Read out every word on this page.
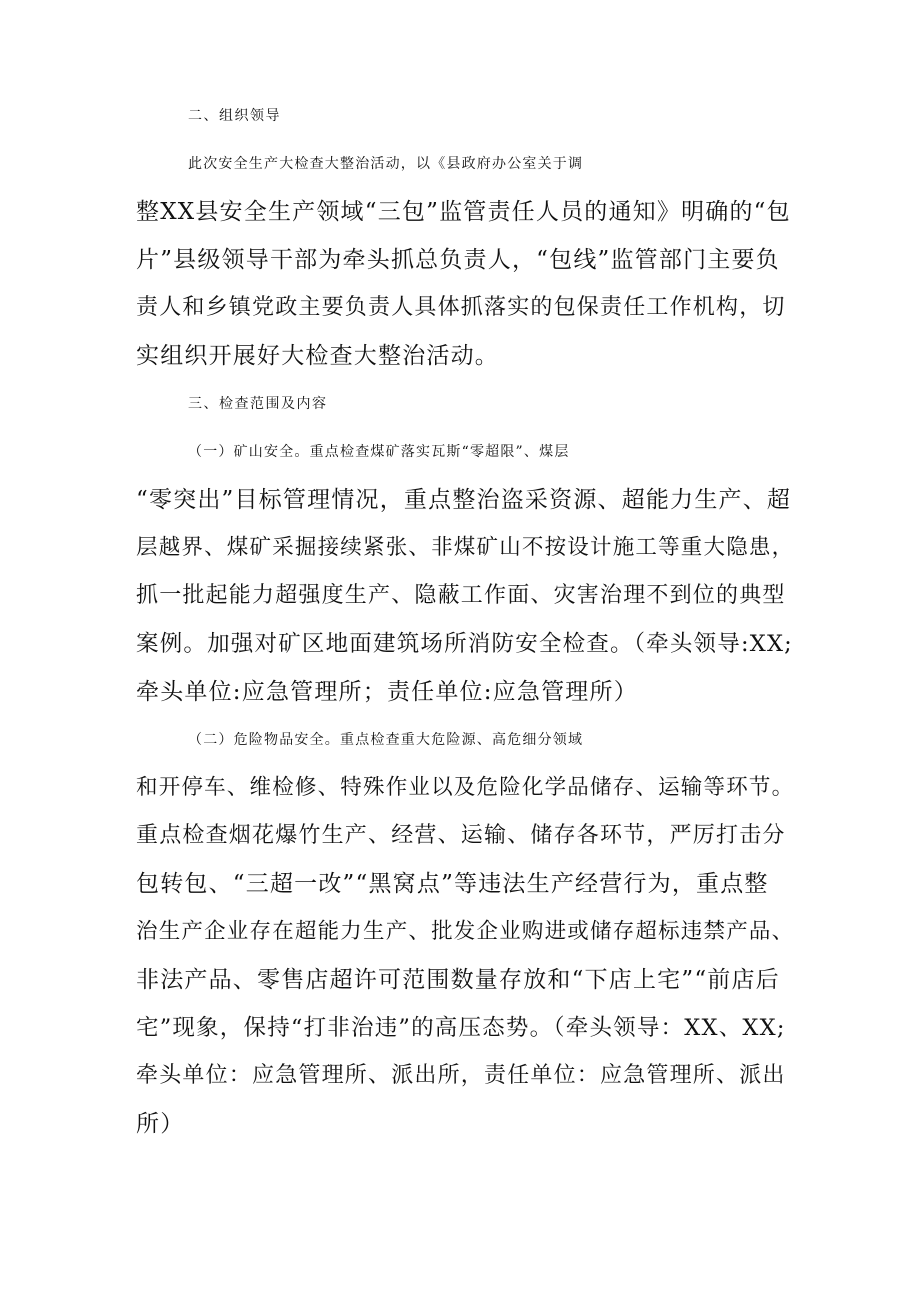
二、组织领导
此次安全生产大检查大整治活动，以《县政府办公室关于调
整XX县安全生产领域“三包”监管责任人员的通知》明确的“包
片”县级领导干部为牵头抓总负责人，“包线”监管部门主要负
责人和乡镇党政主要负责人具体抓落实的包保责任工作机构，切
实组织开展好大检查大整治活动。
三、检查范围及内容
（一）矿山安全。重点检查煤矿落实瓦斯“零超限”、煤层
“零突出”目标管理情况，重点整治盗采资源、超能力生产、超
层越界、煤矿采掘接续紧张、非煤矿山不按设计施工等重大隐患，
抓一批起能力超强度生产、隐蔽工作面、灾害治理不到位的典型
案例。加强对矿区地面建筑场所消防安全检查。（牵头领导:XX;
牵头单位:应急管理所；责任单位:应急管理所）
（二）危险物品安全。重点检查重大危险源、高危细分领域
和开停车、维检修、特殊作业以及危险化学品储存、运输等环节。
重点检查烟花爆竹生产、经营、运输、储存各环节，严厉打击分
包转包、“三超一改”“黑窝点”等违法生产经营行为，重点整
治生产企业存在超能力生产、批发企业购进或储存超标违禁产品、
非法产品、零售店超许可范围数量存放和“下店上宅”“前店后
宅”现象，保持“打非治违”的高压态势。（牵头领导：XX、XX;
牵头单位：应急管理所、派出所，责任单位：应急管理所、派出
所）
